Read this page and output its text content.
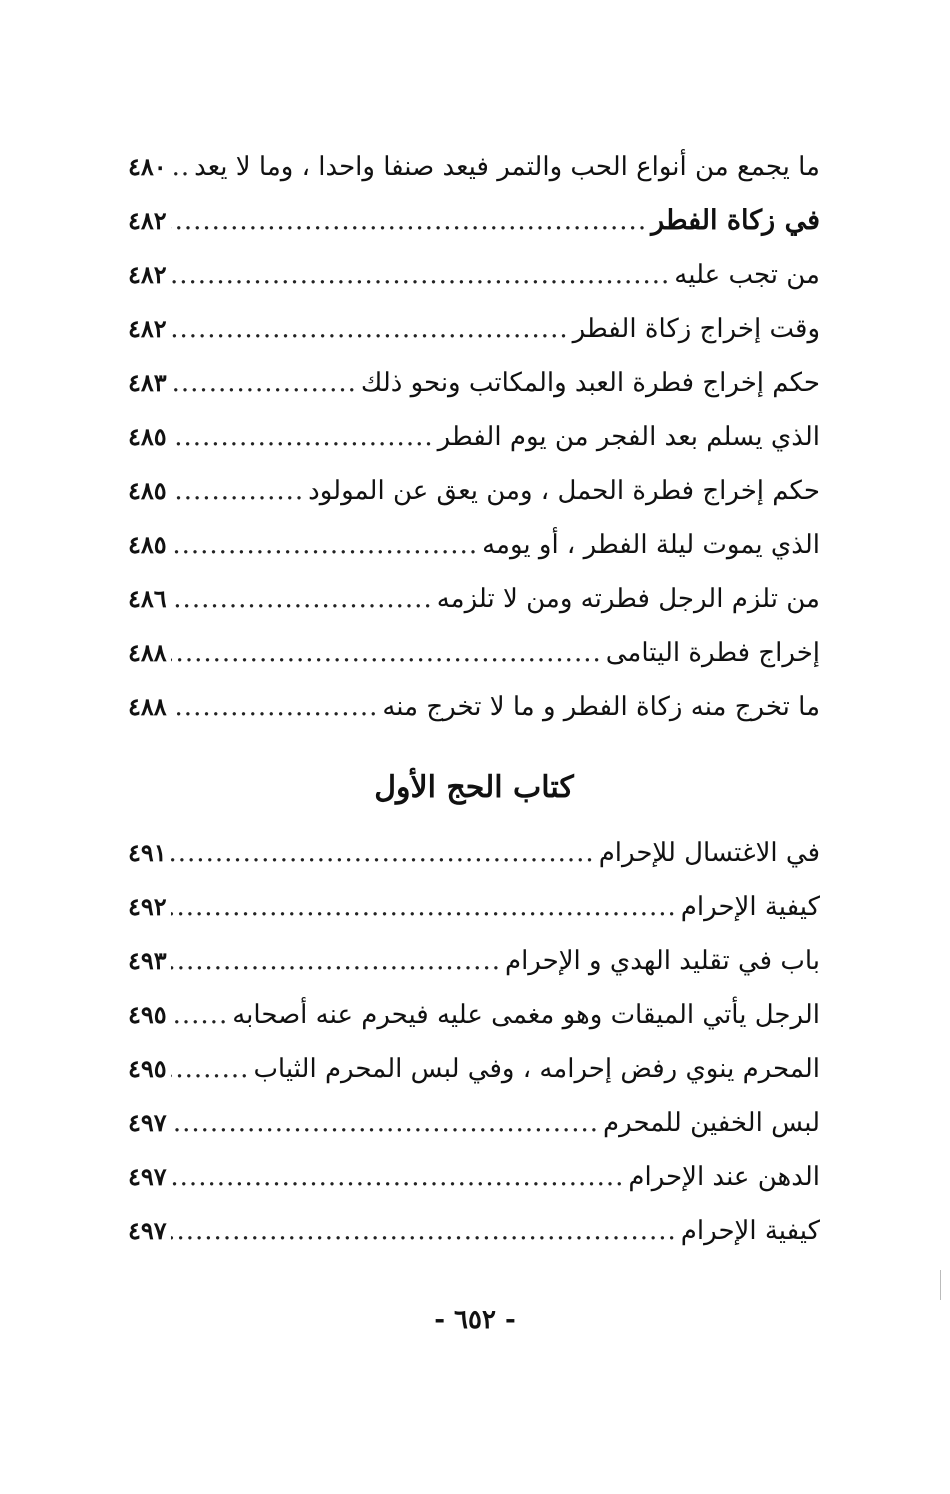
ما يجمع من أنواع الحب والتمر فيعد صنفا واحدا ، وما لا يعد
.....
٤٨٠
في زكاة الفطر
.....
٤٨٢
من تجب عليه
.....
٤٨٢
وقت إخراج زكاة الفطر
.....
٤٨٢
حكم إخراج فطرة العبد والمكاتب ونحو ذلك
.....
٤٨٣
الذي يسلم بعد الفجر من يوم الفطر
.....
٤٨٥
حكم إخراج فطرة الحمل ، ومن يعق عن المولود
.....
٤٨٥
الذي يموت ليلة الفطر ، أو يومه
.....
٤٨٥
من تلزم الرجل فطرته ومن لا تلزمه
.....
٤٨٦
إخراج فطرة اليتامى
.....
٤٨٨
ما تخرج منه زكاة الفطر و ما لا تخرج منه
.....
٤٨٨
كتاب الحج الأول
في الاغتسال للإحرام
.....
٤٩١
كيفية الإحرام
.....
٤٩٢
باب في تقليد الهدي و الإحرام
.....
٤٩٣
الرجل يأتي الميقات وهو مغمى عليه فيحرم عنه أصحابه
.....
٤٩٥
المحرم ينوي رفض إحرامه ، وفي لبس المحرم الثياب
.....
٤٩٥
لبس الخفين للمحرم
.....
٤٩٧
الدهن عند الإحرام
.....
٤٩٧
كيفية الإحرام
.....
٤٩٧
- ٦٥٢ -
